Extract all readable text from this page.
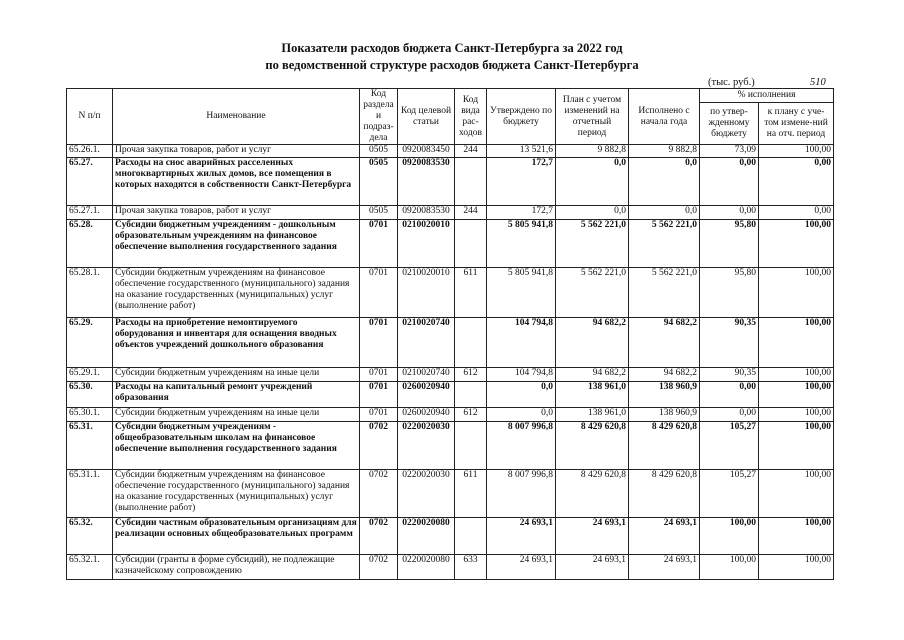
Показатели расходов бюджета Санкт-Петербурга за 2022 год
по ведомственной структуре расходов бюджета Санкт-Петербурга
(тыс. руб.)	510
N п/п	Наименование	Код раздела и подраз-дела	Код целевой статьи	Код вида рас-ходов	Утверждено по бюджету	План с учетом изменений на отчетный период	Исполнено с начала года	% исполнения	
								по утвер-жденному бюджету	к плану с уче-том измене-ний на отч. период
65.26.1.	Прочая закупка товаров, работ и услуг	0505	0920083450	244	13 521,6	9 882,8	9 882,8	73,09	100,00
65.27.	Расходы на снос аварийных расселенных многоквартирных жилых домов, все помещения в которых находятся в собственности Санкт-Петербурга	0505	0920083530		172,7	0,0	0,0	0,00	0,00
65.27.1.	Прочая закупка товаров, работ и услуг	0505	0920083530	244	172,7	0,0	0,0	0,00	0,00
65.28.	Субсидии бюджетным учреждениям - дошкольным образовательным учреждениям на финансовое обеспечение выполнения государственного задания	0701	0210020010		5 805 941,8	5 562 221,0	5 562 221,0	95,80	100,00
65.28.1.	Субсидии бюджетным учреждениям на финансовое обеспечение государственного (муниципального) задания на оказание государственных (муниципальных) услуг (выполнение работ)	0701	0210020010	611	5 805 941,8	5 562 221,0	5 562 221,0	95,80	100,00
65.29.	Расходы на приобретение немонтируемого оборудования и инвентаря для оснащения вводных объектов учреждений дошкольного образования	0701	0210020740		104 794,8	94 682,2	94 682,2	90,35	100,00
65.29.1.	Субсидии бюджетным учреждениям на иные цели	0701	0210020740	612	104 794,8	94 682,2	94 682,2	90,35	100,00
65.30.	Расходы на капитальный ремонт учреждений образования	0701	0260020940		0,0	138 961,0	138 960,9	0,00	100,00
65.30.1.	Субсидии бюджетным учреждениям на иные цели	0701	0260020940	612	0,0	138 961,0	138 960,9	0,00	100,00
65.31.	Субсидии бюджетным учреждениям - общеобразовательным школам на финансовое обеспечение выполнения государственного задания	0702	0220020030		8 007 996,8	8 429 620,8	8 429 620,8	105,27	100,00
65.31.1.	Субсидии бюджетным учреждениям на финансовое обеспечение государственного (муниципального) задания на оказание государственных (муниципальных) услуг (выполнение работ)	0702	0220020030	611	8 007 996,8	8 429 620,8	8 429 620,8	105,27	100,00
65.32.	Субсидии частным образовательным организациям для реализации основных общеобразовательных программ	0702	0220020080		24 693,1	24 693,1	24 693,1	100,00	100,00
65.32.1.	Субсидии (гранты в форме субсидий), не подлежащие казначейскому сопровождению	0702	0220020080	633	24 693,1	24 693,1	24 693,1	100,00	100,00
